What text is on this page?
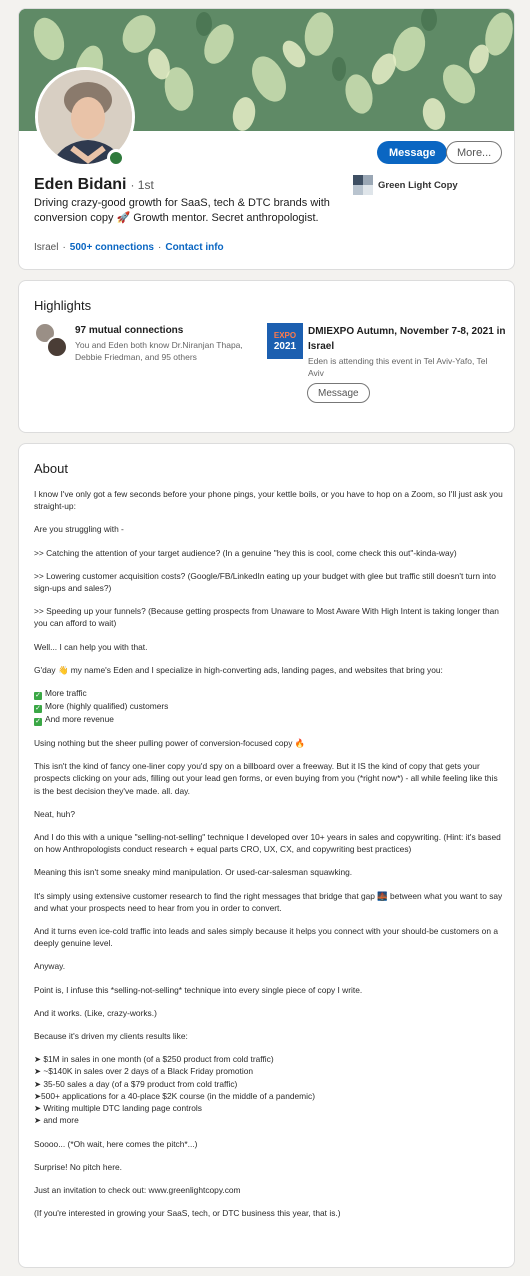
Message	More...
Eden Bidani · 1st	Green Light Copy
Driving crazy-good growth for SaaS, tech & DTC brands with conversion copy 🚀 Growth mentor. Secret anthropologist.
Israel · 500+ connections · Contact info
Highlights
97 mutual connections
You and Eden both know Dr.Niranjan Thapa, Debbie Friedman, and 95 others
EXPO
2021
DMIEXPO Autumn, November 7-8, 2021 in Israel
Eden is attending this event in Tel Aviv-Yafo, Tel Aviv
Message
About

I know I've only got a few seconds before your phone pings, your kettle boils, or you have to hop on a Zoom, so I'll just ask you straight-up:

Are you struggling with -

>> Catching the attention of your target audience? (In a genuine "hey this is cool, come check this out"-kinda-way)

>> Lowering customer acquisition costs? (Google/FB/LinkedIn eating up your budget with glee but traffic still doesn't turn into sign-ups and sales?)

>> Speeding up your funnels? (Because getting prospects from Unaware to Most Aware With High Intent is taking longer than you can afford to wait)

Well... I can help you with that.

G'day 👋 my name's Eden and I specialize in high-converting ads, landing pages, and websites that bring you:

✓ More traffic

✓ More (highly qualified) customers

✓ And more revenue

Using nothing but the sheer pulling power of conversion-focused copy 🔥

This isn't the kind of fancy one-liner copy you'd spy on a billboard over a freeway. But it IS the kind of copy that gets your prospects clicking on your ads, filling out your lead gen forms, or even buying from you (*right now*) - all while feeling like this is the best decision they've made. all. day.

Neat, huh?

And I do this with a unique "selling-not-selling" technique I developed over 10+ years in sales and copywriting. (Hint: it's based on how Anthropologists conduct research + equal parts CRO, UX, CX, and copywriting best practices)

Meaning this isn't some sneaky mind manipulation. Or used-car-salesman squawking.

It's simply using extensive customer research to find the right messages that bridge that gap 🌉 between what you want to say and what your prospects need to hear from you in order to convert.

And it turns even ice-cold traffic into leads and sales simply because it helps you connect with your should-be customers on a deeply genuine level.

Anyway.

Point is, I infuse this *selling-not-selling* technique into every single piece of copy I write.

And it works. (Like, crazy-works.)

Because it's driven my clients results like:

➤ $1M in sales in one month (of a $250 product from cold traffic)

➤ ~$140K in sales over 2 days of a Black Friday promotion

➤ 35-50 sales a day (of a $79 product from cold traffic)

➤500+ applications for a 40-place $2K course (in the middle of a pandemic)

➤ Writing multiple DTC landing page controls

➤ and more

Soooo... (*Oh wait, here comes the pitch*...)

Surprise! No pitch here.

Just an invitation to check out: www.greenlightcopy.com

(If you're interested in growing your SaaS, tech, or DTC business this year, that is.)
